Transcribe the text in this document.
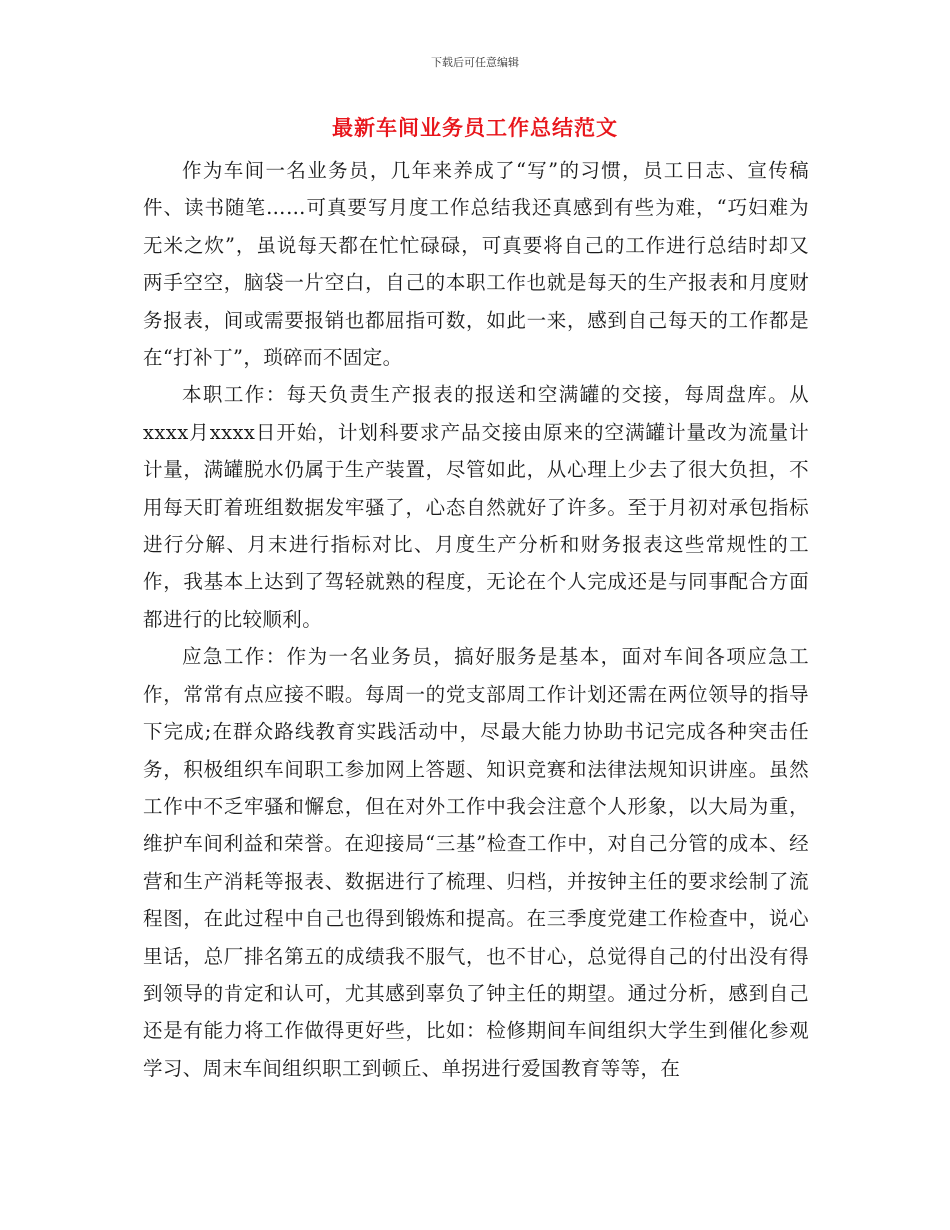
下载后可任意编辑
最新车间业务员工作总结范文

作为车间一名业务员，几年来养成了“写”的习惯，员工日志、宣传稿件、读书随笔……可真要写月度工作总结我还真感到有些为难，“巧妇难为无米之炊”，虽说每天都在忙忙碌碌，可真要将自己的工作进行总结时却又两手空空，脑袋一片空白，自己的本职工作也就是每天的生产报表和月度财务报表，间或需要报销也都屈指可数，如此一来，感到自己每天的工作都是在“打补丁”，琐碎而不固定。

本职工作：每天负责生产报表的报送和空满罐的交接，每周盘库。从xxxx月xxxx日开始，计划科要求产品交接由原来的空满罐计量改为流量计计量，满罐脱水仍属于生产装置，尽管如此，从心理上少去了很大负担，不用每天盯着班组数据发牢骚了，心态自然就好了许多。至于月初对承包指标进行分解、月末进行指标对比、月度生产分析和财务报表这些常规性的工作，我基本上达到了驾轻就熟的程度，无论在个人完成还是与同事配合方面都进行的比较顺利。

应急工作：作为一名业务员，搞好服务是基本，面对车间各项应急工作，常常有点应接不暇。每周一的党支部周工作计划还需在两位领导的指导下完成;在群众路线教育实践活动中，尽最大能力协助书记完成各种突击任务，积极组织车间职工参加网上答题、知识竞赛和法律法规知识讲座。虽然工作中不乏牢骚和懈怠，但在对外工作中我会注意个人形象，以大局为重，维护车间利益和荣誉。在迎接局“三基”检查工作中，对自己分管的成本、经营和生产消耗等报表、数据进行了梳理、归档，并按钟主任的要求绘制了流程图，在此过程中自己也得到锻炼和提高。在三季度党建工作检查中，说心里话，总厂排名第五的成绩我不服气，也不甘心，总觉得自己的付出没有得到领导的肯定和认可，尤其感到辜负了钟主任的期望。通过分析，感到自己还是有能力将工作做得更好些，比如：检修期间车间组织大学生到催化参观学习、周末车间组织职工到顿丘、单拐进行爱国教育等等，在
